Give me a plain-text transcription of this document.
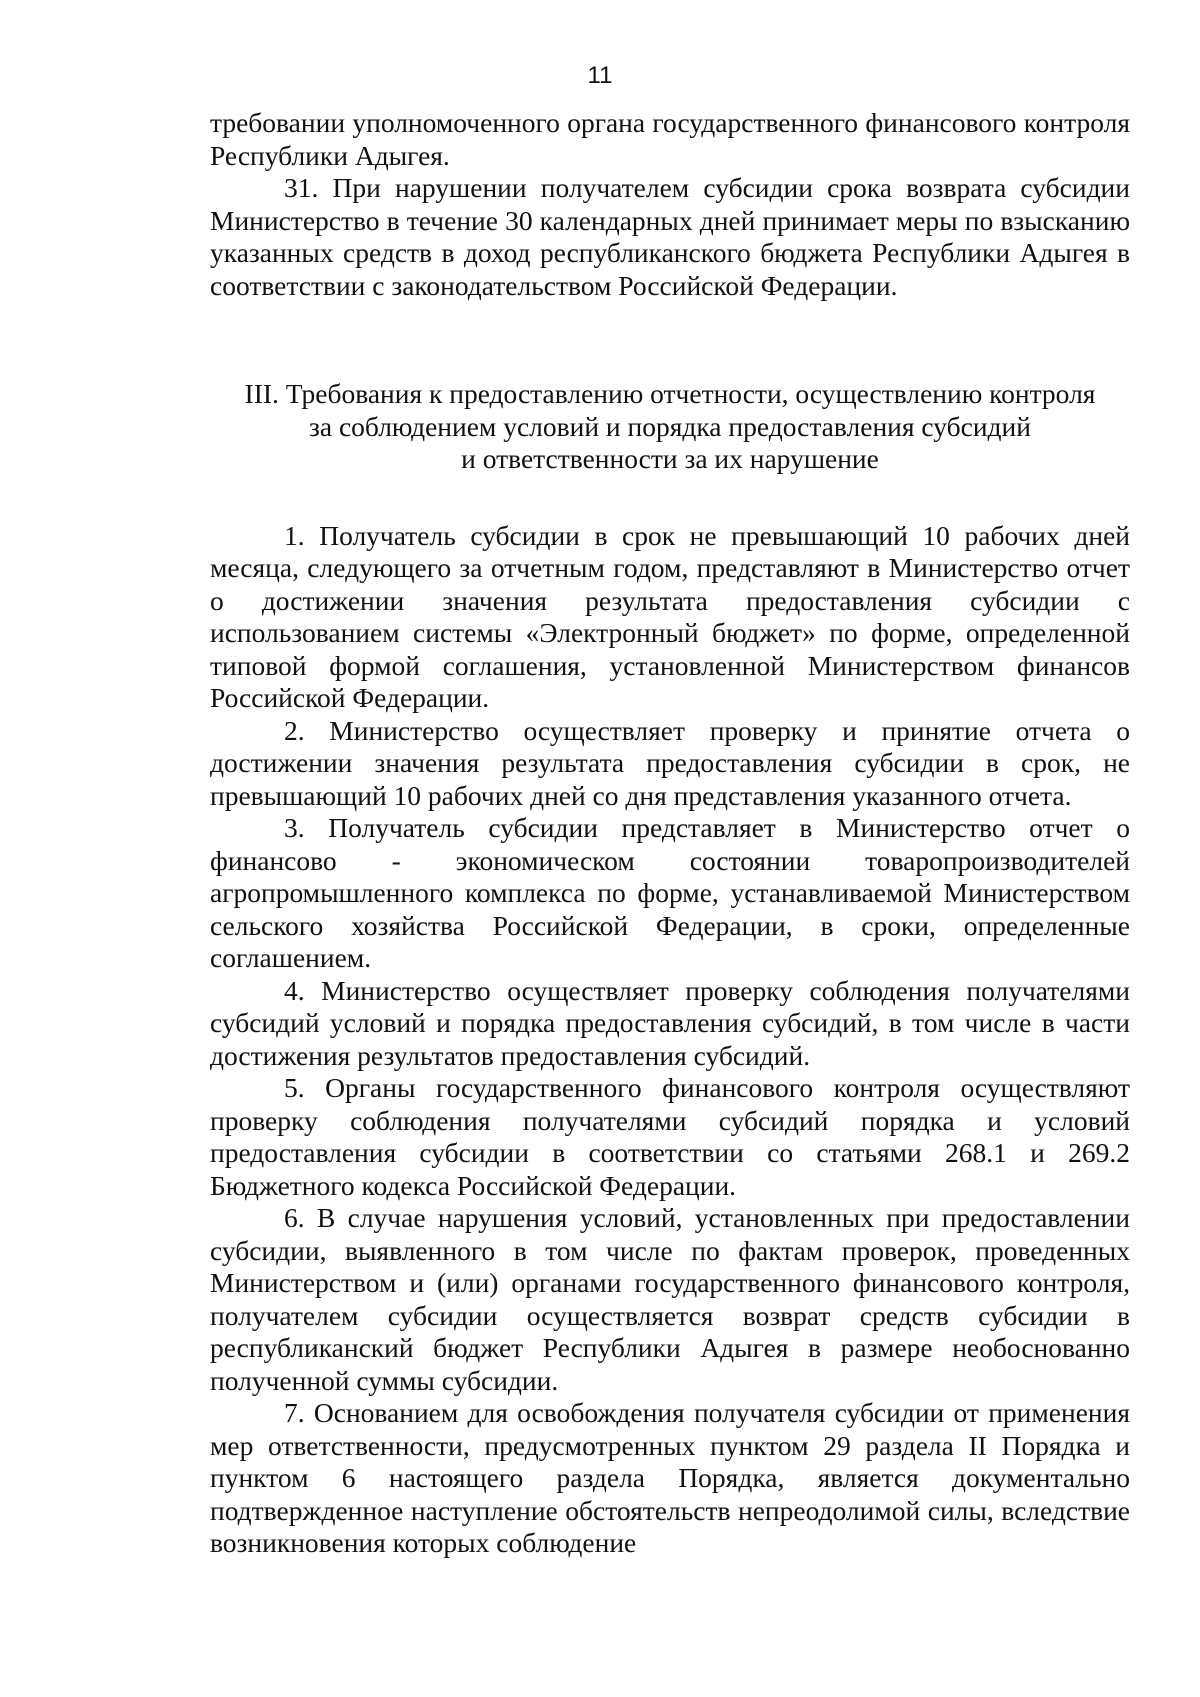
11

требовании уполномоченного органа государственного финансового контроля Республики Адыгея.

31. При нарушении получателем субсидии срока возврата субсидии Министерство в течение 30 календарных дней принимает меры по взысканию указанных средств в доход республиканского бюджета Республики Адыгея в соответствии с законодательством Российской Федерации.

III. Требования к предоставлению отчетности, осуществлению контроля
за соблюдением условий и порядка предоставления субсидий
и ответственности за их нарушение

1. Получатель субсидии в срок не превышающий 10 рабочих дней месяца, следующего за отчетным годом, представляют в Министерство отчет о достижении значения результата предоставления субсидии с использованием системы «Электронный бюджет» по форме, определенной типовой формой соглашения, установленной Министерством финансов Российской Федерации.

2. Министерство осуществляет проверку и принятие отчета о достижении значения результата предоставления субсидии в срок, не превышающий 10 рабочих дней со дня представления указанного отчета.

3. Получатель субсидии представляет в Министерство отчет о финансово - экономическом состоянии товаропроизводителей агропромышленного комплекса по форме, устанавливаемой Министерством сельского хозяйства Российской Федерации, в сроки, определенные соглашением.

4. Министерство осуществляет проверку соблюдения получателями субсидий условий и порядка предоставления субсидий, в том числе в части достижения результатов предоставления субсидий.

5. Органы государственного финансового контроля осуществляют проверку соблюдения получателями субсидий порядка и условий предоставления субсидии в соответствии со статьями 268.1 и 269.2 Бюджетного кодекса Российской Федерации.

6. В случае нарушения условий, установленных при предоставлении субсидии, выявленного в том числе по фактам проверок, проведенных Министерством и (или) органами государственного финансового контроля, получателем субсидии осуществляется возврат средств субсидии в республиканский бюджет Республики Адыгея в размере необоснованно полученной суммы субсидии.

7. Основанием для освобождения получателя субсидии от применения мер ответственности, предусмотренных пунктом 29 раздела II Порядка и пунктом 6 настоящего раздела Порядка, является документально подтвержденное наступление обстоятельств непреодолимой силы, вследствие возникновения которых соблюдение
